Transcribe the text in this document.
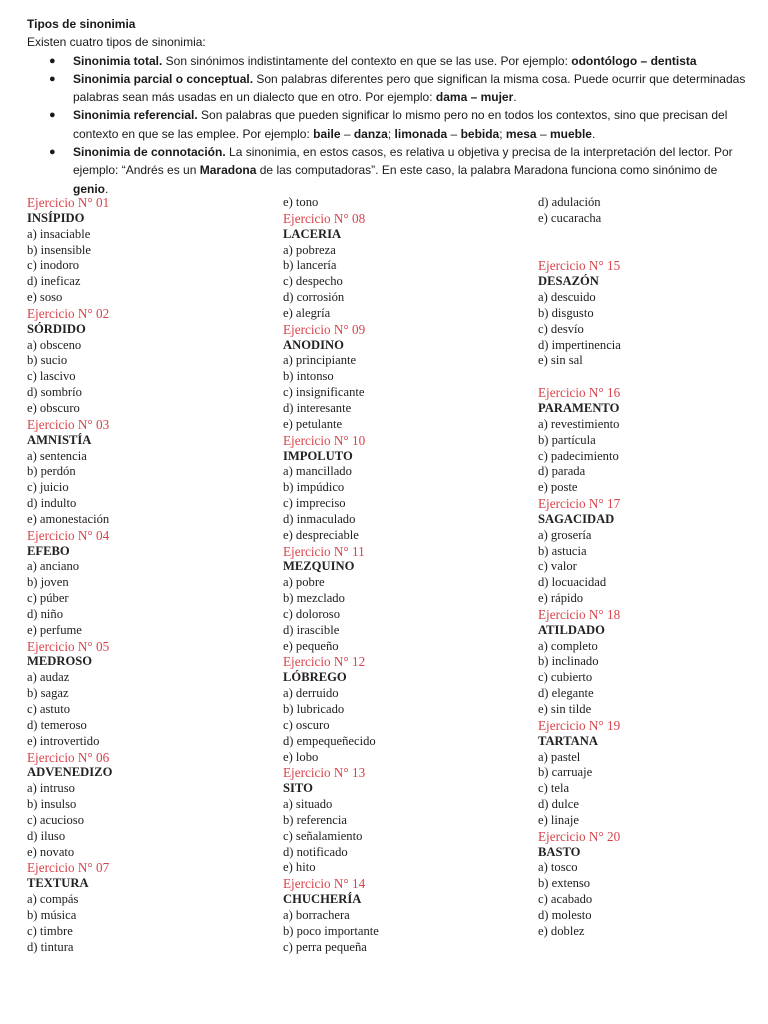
Tipos de sinonimia
Existen cuatro tipos de sinonimia:
● Sinonimia total. Son sinónimos indistintamente del contexto en que se las use. Por ejemplo: odontólogo – dentista
● Sinonimia parcial o conceptual. Son palabras diferentes pero que significan la misma cosa. Puede ocurrir que determinadas palabras sean más usadas en un dialecto que en otro. Por ejemplo: dama – mujer.
● Sinonimia referencial. Son palabras que pueden significar lo mismo pero no en todos los contextos, sino que precisan del contexto en que se las emplee. Por ejemplo: baile – danza; limonada – bebida; mesa – mueble.
● Sinonimia de connotación. La sinonimia, en estos casos, es relativa u objetiva y precisa de la interpretación del lector. Por ejemplo: “Andrés es un Maradona de las computadoras”. En este caso, la palabra Maradona funciona como sinónimo de genio.
Ejercicio N° 01
INSÍPIDO
a) insaciable
b) insensible
c) inodoro
d) ineficaz
e) soso
Ejercicio N° 02
SÓRDIDO
a) obsceno
b) sucio
c) lascivo
d) sombrío
e) obscuro
Ejercicio N° 03
AMNISTÍA
a) sentencia
b) perdón
c) juicio
d) indulto
e) amonestación
Ejercicio N° 04
EFEBO
a) anciano
b) joven
c) púber
d) niño
e) perfume
Ejercicio N° 05
MEDROSO
a) audaz
b) sagaz
c) astuto
d) temeroso
e) introvertido
Ejercicio N° 06
ADVENEDIZO
a) intruso
b) insulso
c) acucioso
d) iluso
e) novato
Ejercicio N° 07
TEXTURA
a) compás
b) música
c) timbre
d) tintura
e) tono
Ejercicio N° 08
LACERIA
a) pobreza
b) lancería
c) despecho
d) corrosión
e) alegría
Ejercicio N° 09
ANODINO
a) principiante
b) intonso
c) insignificante
d) interesante
e) petulante
Ejercicio N° 10
IMPOLUTO
a) mancillado
b) impúdico
c) impreciso
d) inmaculado
e) despreciable
Ejercicio N° 11
MEZQUINO
a) pobre
b) mezclado
c) doloroso
d) irascible
e) pequeño
Ejercicio N° 12
LÓBREGO
a) derruido
b) lubricado
c) oscuro
d) empequeñecido
e) lobo
Ejercicio N° 13
SITO
a) situado
b) referencia
c) señalamiento
d) notificado
e) hito
Ejercicio N° 14
CHUCHERÍA
a) borrachera
b) poco importante
c) perra pequeña
d) adulación
e) cucaracha
Ejercicio N° 15
DESAZÓN
a) descuido
b) disgusto
c) desvío
d) impertinencia
e) sin sal
Ejercicio N° 16
PARAMENTO
a) revestimiento
b) partícula
c) padecimiento
d) parada
e) poste
Ejercicio N° 17
SAGACIDAD
a) grosería
b) astucia
c) valor
d) locuacidad
e) rápido
Ejercicio N° 18
ATILDADO
a) completo
b) inclinado
c) cubierto
d) elegante
e) sin tilde
Ejercicio N° 19
TARTANA
a) pastel
b) carruaje
c) tela
d) dulce
e) linaje
Ejercicio N° 20
BASTO
a) tosco
b) extenso
c) acabado
d) molesto
e) doblez
